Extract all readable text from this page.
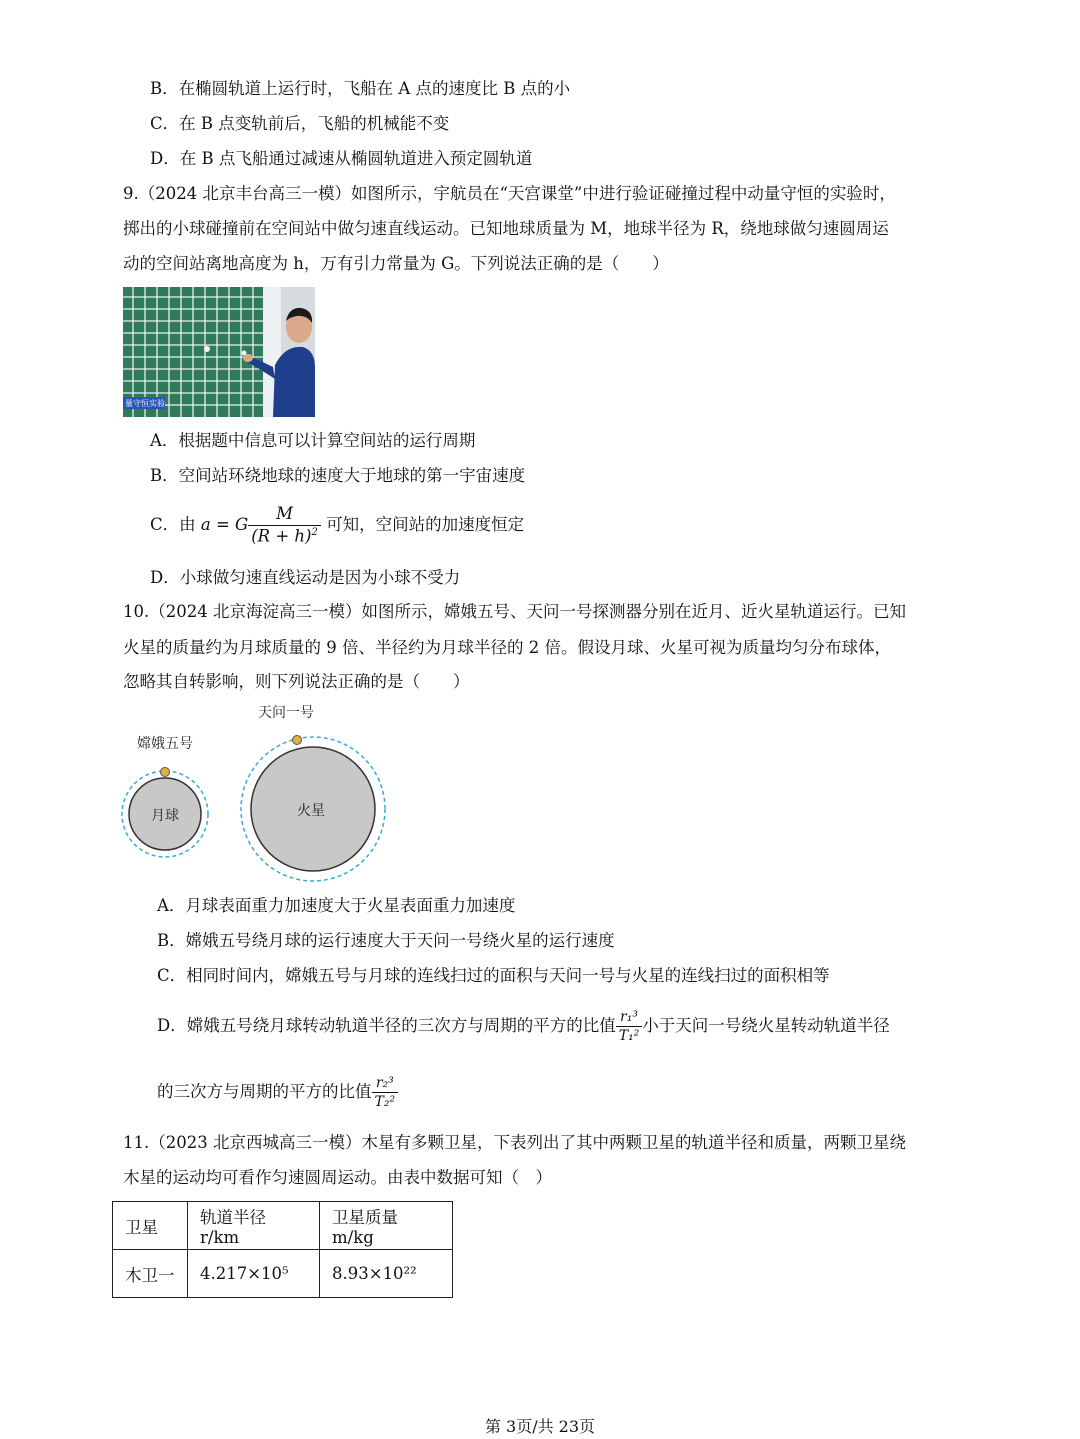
B．在椭圆轨道上运行时，飞船在 A 点的速度比 B 点的小
C．在 B 点变轨前后，飞船的机械能不变
D．在 B 点飞船通过减速从椭圆轨道进入预定圆轨道
9.（2024 北京丰台高三一模）如图所示，宇航员在“天宫课堂”中进行验证碰撞过程中动量守恒的实验时，
掷出的小球碰撞前在空间站中做匀速直线运动。已知地球质量为 M，地球半径为 R，绕地球做匀速圆周运
动的空间站离地高度为 h，万有引力常量为 G。下列说法正确的是（　　）
量守恒实验
A．根据题中信息可以计算空间站的运行周期
B．空间站环绕地球的速度大于地球的第一宇宙速度
C．由 a = G $\frac{M}{(R + h)^2}$ 可知，空间站的加速度恒定
D．小球做匀速直线运动是因为小球不受力
10.（2024 北京海淀高三一模）如图所示，嫦娥五号、天问一号探测器分别在近月、近火星轨道运行。已知
火星的质量约为月球质量的 9 倍、半径约为月球半径的 2 倍。假设月球、火星可视为质量均匀分布球体，
忽略其自转影响，则下列说法正确的是（　　）
月球
嫦娥五号
火星
天问一号
A．月球表面重力加速度大于火星表面重力加速度
B．嫦娥五号绕月球的运行速度大于天问一号绕火星的运行速度
C．相同时间内，嫦娥五号与月球的连线扫过的面积与天问一号与火星的连线扫过的面积相等
D．嫦娥五号绕月球转动轨道半径的三次方与周期的平方的比值 $\frac{\text{r₁³}}{\text{T₁²}}$ 小于天问一号绕火星转动轨道半径
的三次方与周期的平方的比值 $\frac{\text{r₂³}}{\text{T₂²}}$
11.（2023 北京西城高三一模）木星有多颗卫星，下表列出了其中两颗卫星的轨道半径和质量，两颗卫星绕
木星的运动均可看作匀速圆周运动。由表中数据可知（　）
卫星	轨道半径 r/km	卫星质量 m/kg
木卫一	4.217×10⁵	8.93×10²²
第 3页/共 23页
